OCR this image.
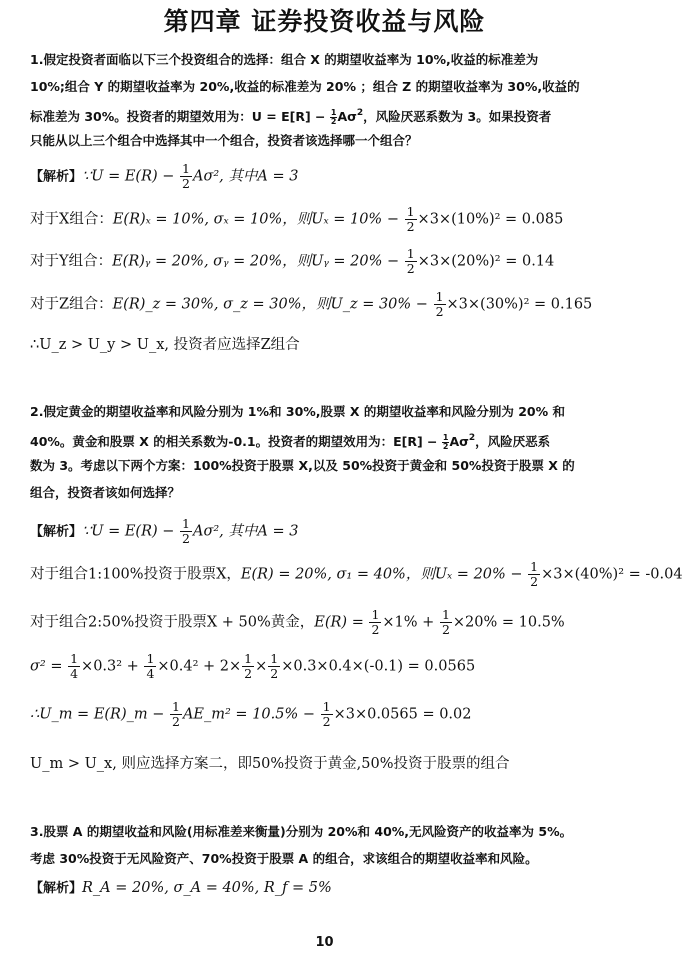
第四章 证券投资收益与风险
1.假定投资者面临以下三个投资组合的选择：组合 X 的期望收益率为 10%,收益的标准差为
10%;组合 Y 的期望收益率为 20%,收益的标准差为 20% ；组合 Z 的期望收益率为 30%,收益的
标准差为 30%。投资者的期望效用为：$U = E[R] - \frac{1}{2} A\sigma^2$，风险厌恶系数为 3。如果投资者
只能从以上三个组合中选择其中一个组合，投资者该选择哪一个组合？
【解析】∵U = $E(R) - \frac{1}{2} A\sigma^2$, 其中A = 3
对于X组合：E(R)ₓ = 10%, σₓ = 10%，则$U_x = 10\% - \frac{1}{2} \times 3\times(10\%)^2 = 0.085$
对于Y组合：E(R)ᵧ = 20%, σᵧ = 20%，则Uᵧ = $20\% - \frac{1}{2} \times 3\times(20\%)^2 = 0.14$
对于Z组合：E(R)_z = 30%, σ_z = 30%，则U_z = $30\% - \frac{1}{2} \times 3\times(30\%)^2 = 0.165$
∴U_z > U_y > U_x, 投资者应选择Z组合
2.假定黄金的期望收益率和风险分别为 1%和 30%,股票 X 的期望收益率和风险分别为 20% 和
40%。黄金和股票 X 的相关系数为-0.1。投资者的期望效用为：$E[R] - \frac{1}{2} A\sigma^2$，风险厌恶系
数为 3。考虑以下两个方案：100%投资于股票 X,以及 50%投资于黄金和 50%投资于股票 X 的
组合，投资者该如何选择？
【解析】∵U = $E(R) - \frac{1}{2} A\sigma^2$, 其中A = 3
对于组合1:100%投资于股票X，E(R) = 20%, σ₁ = 40%，则$U_x = 20\% - \frac{1}{2} \times 3\times(40\%)^2 = -0.04$
对于组合2:50%投资于股票X + 50%黄金，$E(R) = \frac{1}{2} \times 1\% + \frac{1}{2} \times 20\% = 10.5\%$
$\sigma^2 = \frac{1}{4} \times 0.3^2 + \frac{1}{4} \times 0.4^2 + 2\times \frac{1}{2} \times \frac{1}{2} \times 0.3\times 0.4\times(-0.1) = 0.0565$
∴U_m = E(R)_m − $\frac{1}{2}$ AE_m² = $10.5\% - \frac{1}{2} \times 3\times 0.0565 = 0.02$
U_m > U_x, 则应选择方案二，即50%投资于黄金,50%投资于股票的组合
3.股票 A 的期望收益和风险(用标准差来衡量)分别为 20%和 40%,无风险资产的收益率为 5%。
考虑 30%投资于无风险资产、70%投资于股票 A 的组合，求该组合的期望收益率和风险。
【解析】R_A = 20%, σ_A = 40%, R_f = 5%
10
